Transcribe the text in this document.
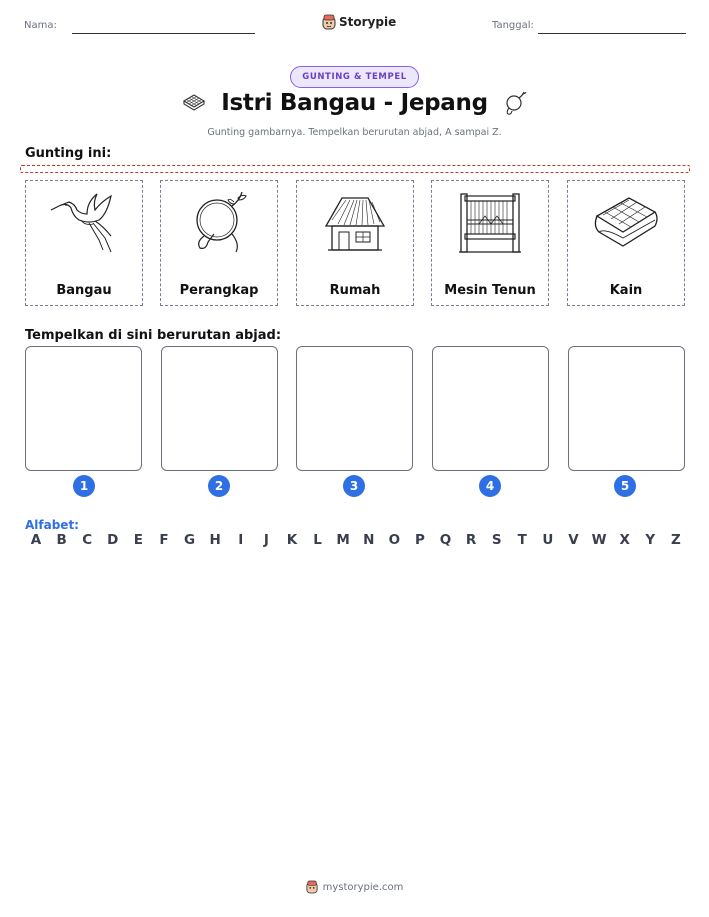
Nama:	Storypie	Tanggal:
GUNTING & TEMPEL
Istri Bangau - Jepang
Gunting gambarnya. Tempelkan berurutan abjad, A sampai Z.
Gunting ini:
Bangau	Perangkap	Rumah	Mesin Tenun	Kain
Tempelkan di sini berurutan abjad:
1	2	3	4	5
Alfabet:
A	B	C	D	E	F	G	H	I	J	K	L	M N	O	P	Q	R	S	T	U	V W X	Y	Z
mystorypie.com
